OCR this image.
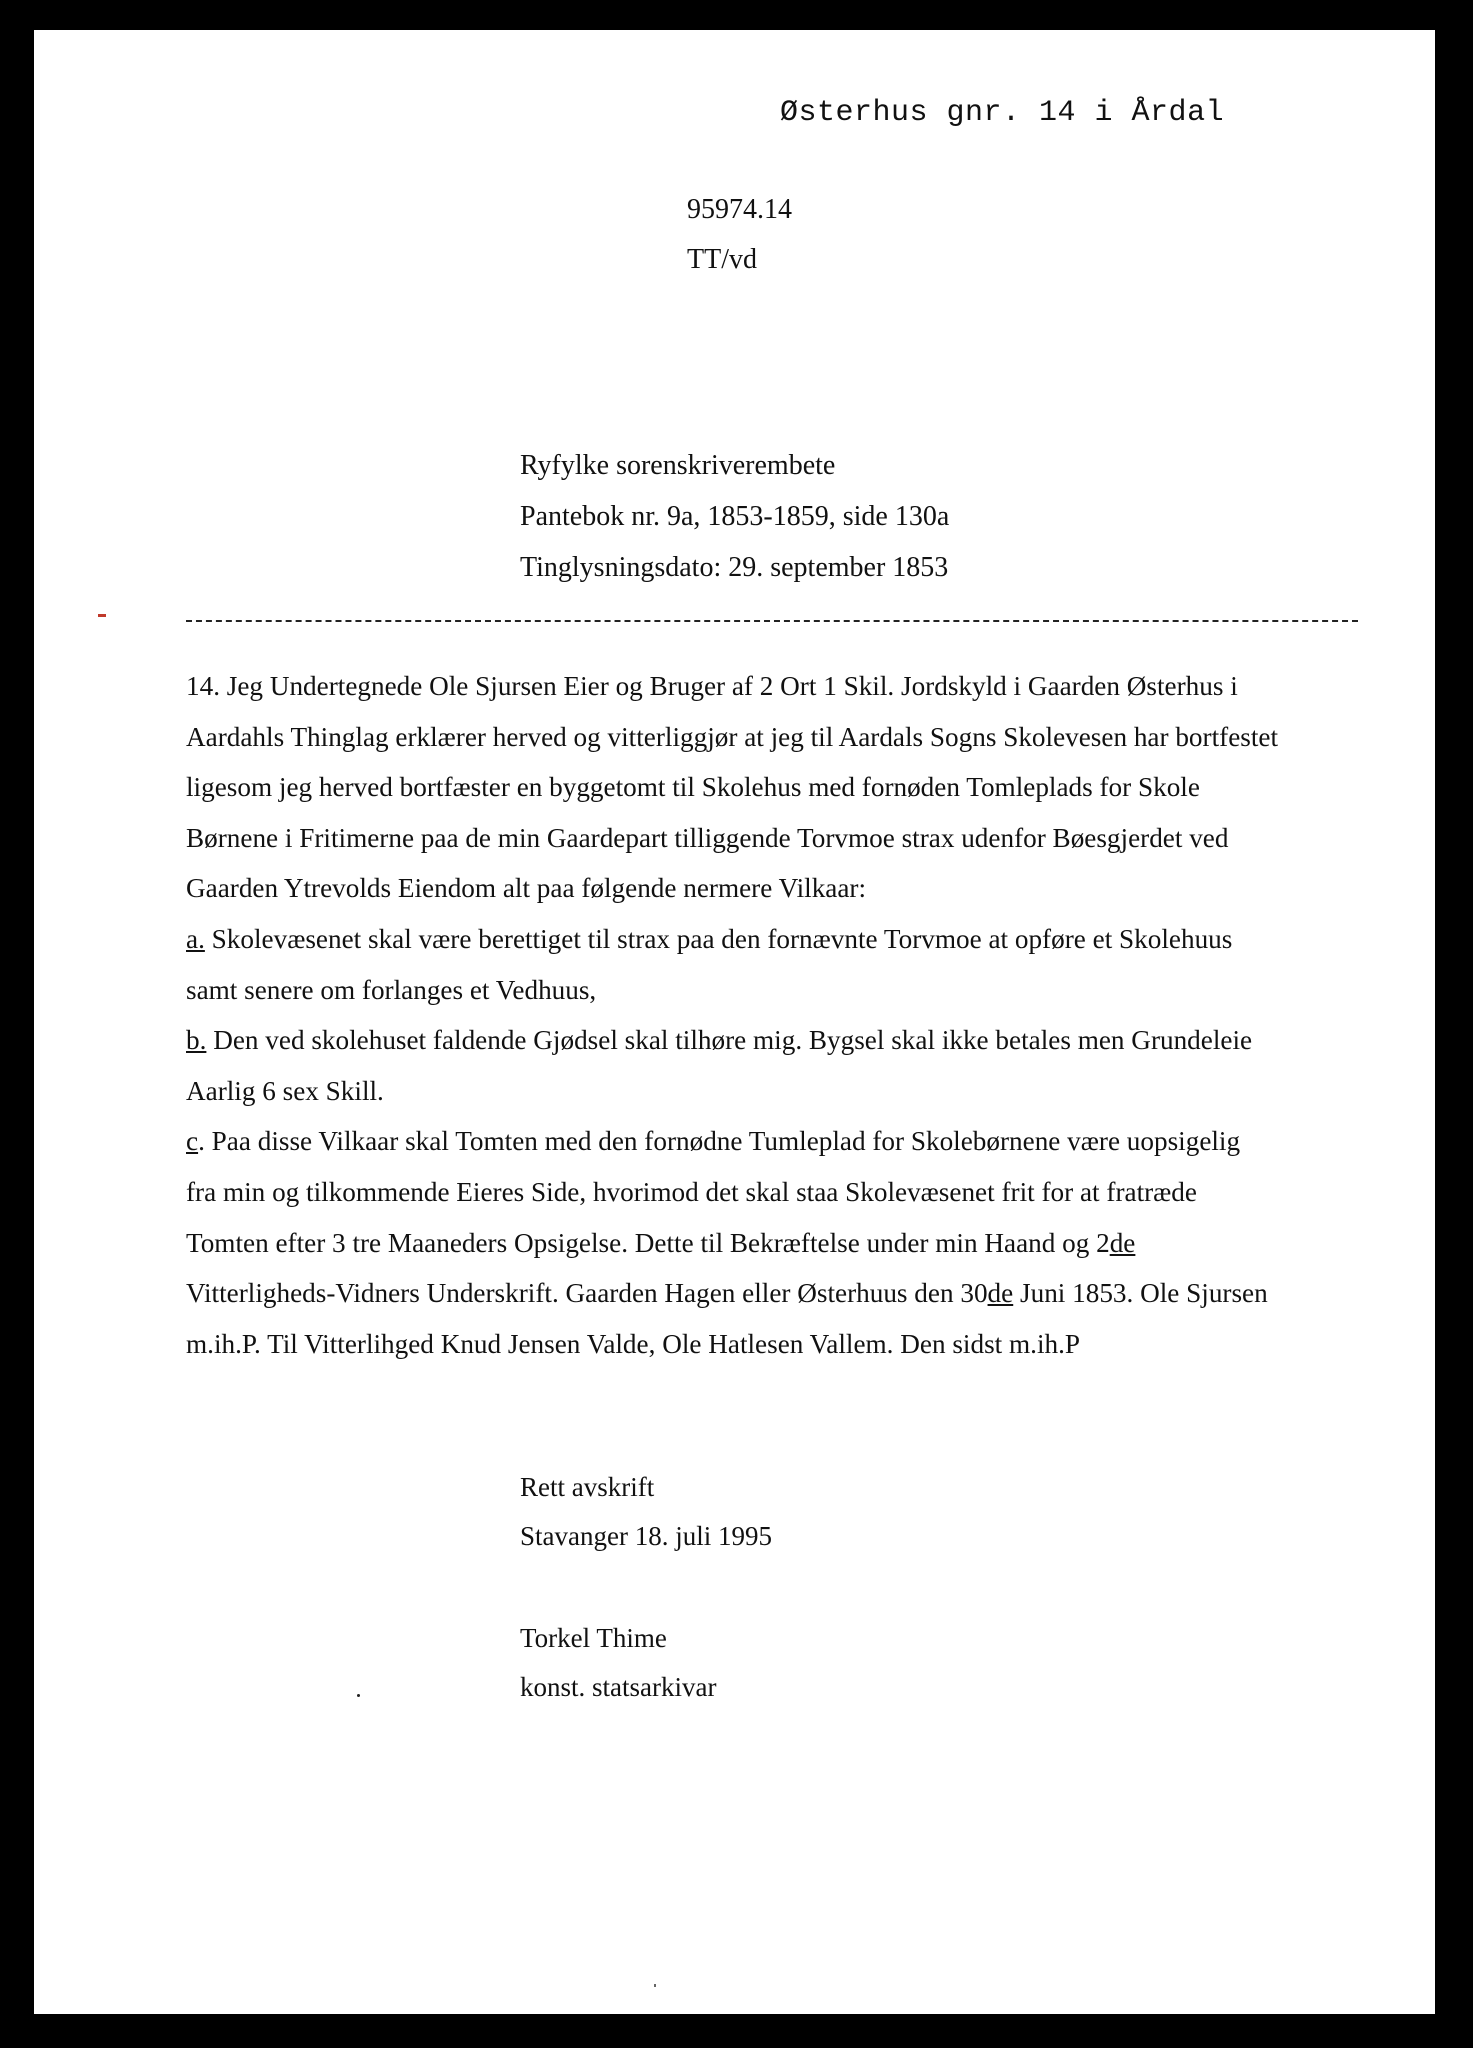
Østerhus gnr. 14 i Årdal
95974.14
TT/vd
Ryfylke sorenskriverembete
Pantebok nr. 9a, 1853-1859, side 130a
Tinglysningsdato: 29. september 1853
14. Jeg Undertegnede Ole Sjursen Eier og Bruger af 2 Ort 1 Skil. Jordskyld i Gaarden Østerhus i
Aardahls Thinglag erklærer herved og vitterliggjør at jeg til Aardals Sogns Skolevesen har bortfestet
ligesom jeg herved bortfæster en byggetomt til Skolehus med fornøden Tomleplads for Skole
Børnene i Fritimerne paa de min Gaardepart tilliggende Torvmoe strax udenfor Bøesgjerdet ved
Gaarden Ytrevolds Eiendom alt paa følgende nermere Vilkaar:
a. Skolevæsenet skal være berettiget til strax paa den fornævnte Torvmoe at opføre et Skolehuus
samt senere om forlanges et Vedhuus,
b. Den ved skolehuset faldende Gjødsel skal tilhøre mig. Bygsel skal ikke betales men Grundeleie
Aarlig 6 sex Skill.
c. Paa disse Vilkaar skal Tomten med den fornødne Tumleplad for Skolebørnene være uopsigelig
fra min og tilkommende Eieres Side, hvorimod det skal staa Skolevæsenet frit for at fratræde
Tomten efter 3 tre Maaneders Opsigelse. Dette til Bekræftelse under min Haand og 2de
Vitterligheds-Vidners Underskrift. Gaarden Hagen eller Østerhuus den 30de Juni 1853. Ole Sjursen
m.ih.P. Til Vitterlihged Knud Jensen Valde, Ole Hatlesen Vallem. Den sidst m.ih.P
Rett avskrift
Stavanger 18. juli 1995
Torkel Thime
konst. statsarkivar
